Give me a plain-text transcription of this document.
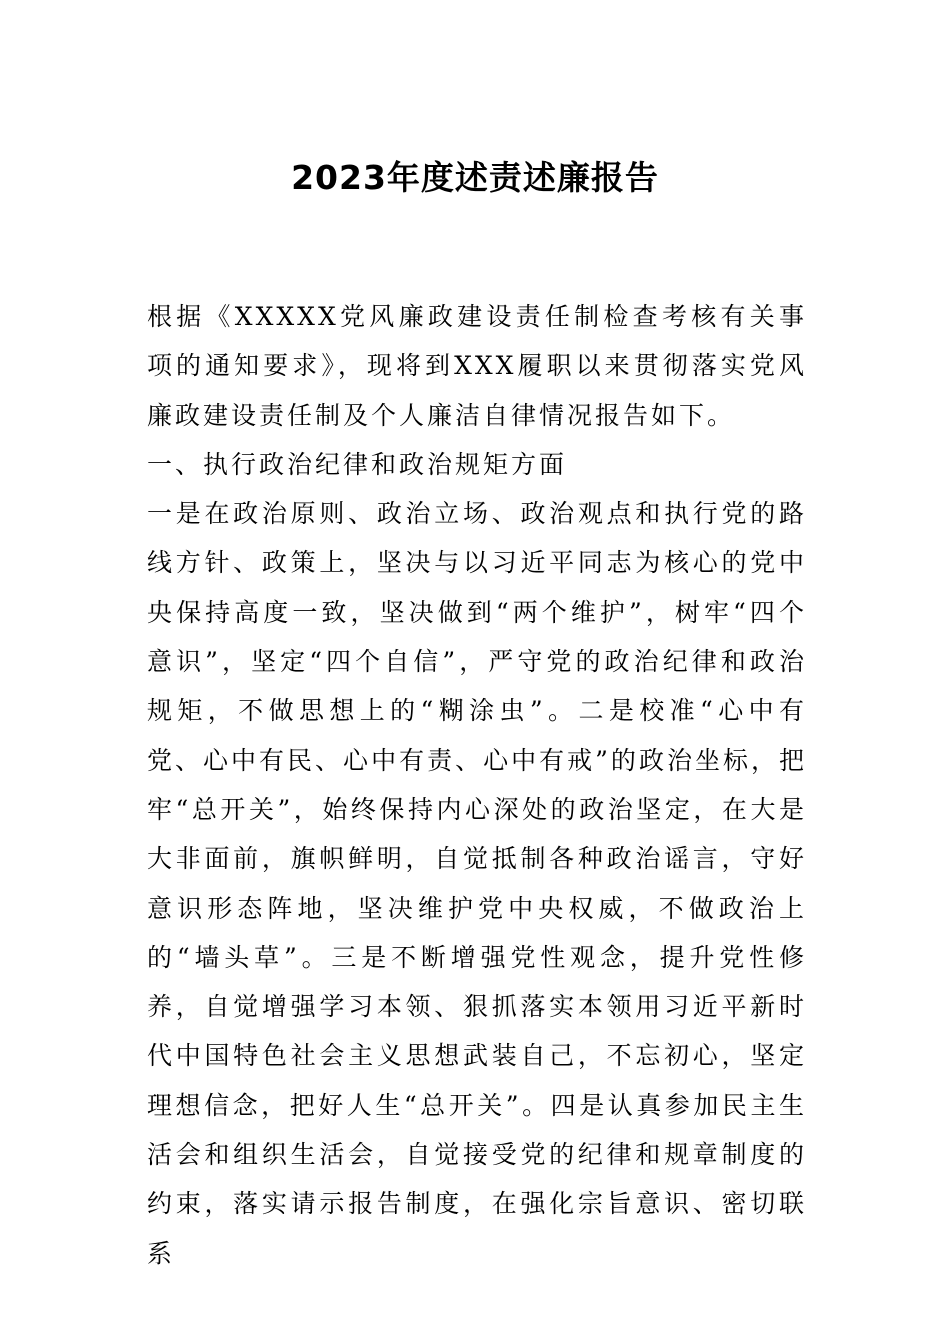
2023年度述责述廉报告

根据《XXXXX党风廉政建设责任制检查考核有关事项的通知要求》，现将到XXX履职以来贯彻落实党风廉政建设责任制及个人廉洁自律情况报告如下。

一、执行政治纪律和政治规矩方面

一是在政治原则、政治立场、政治观点和执行党的路线方针、政策上，坚决与以习近平同志为核心的党中央保持高度一致，坚决做到“两个维护”，树牢“四个意识”，坚定“四个自信”，严守党的政治纪律和政治规矩，不做思想上的“糊涂虫”。二是校准“心中有党、心中有民、心中有责、心中有戒”的政治坐标，把牢“总开关”，始终保持内心深处的政治坚定，在大是大非面前，旗帜鲜明，自觉抵制各种政治谣言，守好意识形态阵地，坚决维护党中央权威，不做政治上的“墙头草”。三是不断增强党性观念，提升党性修养，自觉增强学习本领、狠抓落实本领用习近平新时代中国特色社会主义思想武装自己，不忘初心，坚定理想信念，把好人生“总开关”。四是认真参加民主生活会和组织生活会，自觉接受党的纪律和规章制度的约束，落实请示报告制度，在强化宗旨意识、密切联系
